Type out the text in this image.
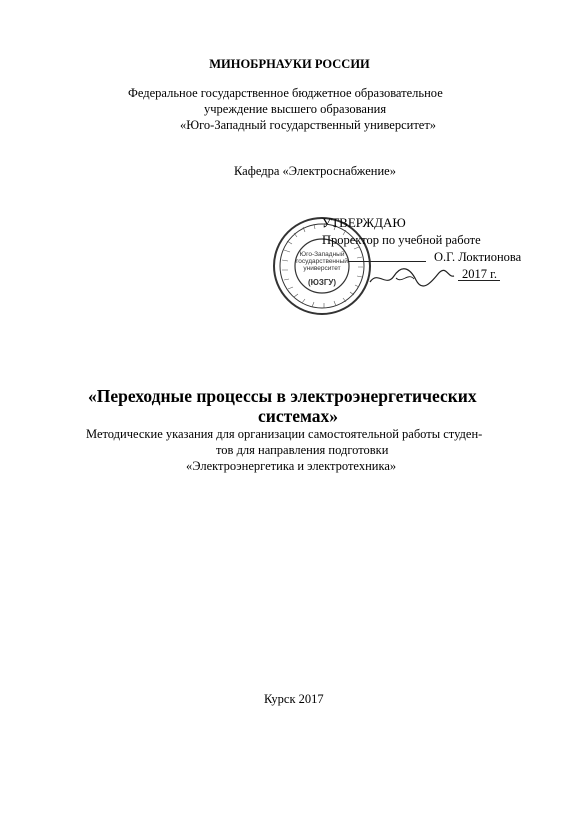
МИНОБРНАУКИ РОССИИ
Федеральное государственное бюджетное образовательное
учреждение высшего образования
«Юго-Западный государственный университет»
Кафедра «Электроснабжение»
Юго-Западный
государственный
университет
(ЮЗГУ)
УТВЕРЖДАЮ
Проректор по учебной работе
О.Г. Локтионова
2017 г.
«Переходные процессы в электроэнергетических
системах»
Методические указания для организации самостоятельной работы студен-
тов для направления подготовки
«Электроэнергетика и электротехника»
Курск 2017
